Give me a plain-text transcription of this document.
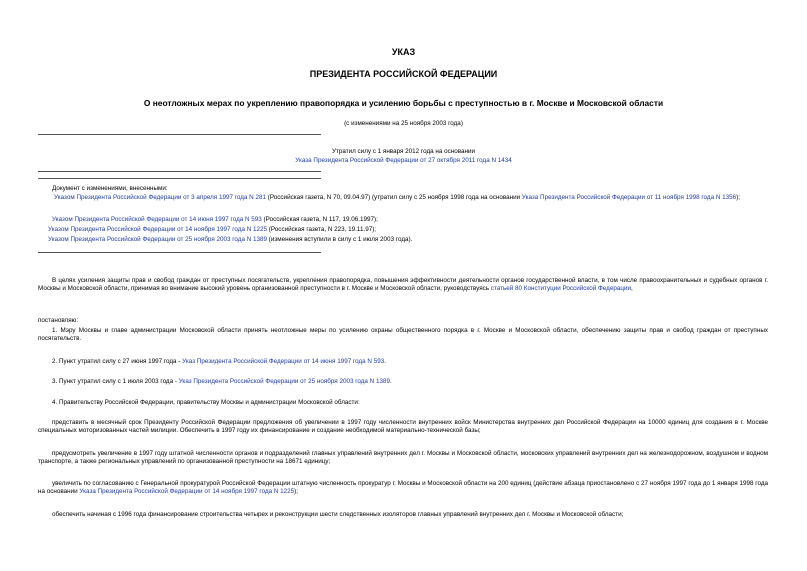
УКАЗ
ПРЕЗИДЕНТА РОССИЙСКОЙ ФЕДЕРАЦИИ
О неотложных мерах по укреплению правопорядка и усилению борьбы с преступностью в г. Москве и Московской области
(с изменениями на 25 ноября 2003 года)
Утратил силу с 1 января 2012 года на основании
Указа Президента Российской Федерации от 27 октября 2011 года N 1434
Документ с изменениями, внесенными:
Указом Президента Российской Федерации от 3 апреля 1997 года N 281 (Российская газета, N 70, 09.04.97) (утратил силу с 25 ноября 1998 года на основании Указа Президента Российской Федерации от 11 ноября 1998 года N 1356);
Указом Президента Российской Федерации от 14 июня 1997 года N 593 (Российская газета, N 117, 19.06.1997);
Указом Президента Российской Федерации от 14 ноября 1997 года N 1225 (Российская газета, N 223, 19.11.97);
Указом Президента Российской Федерации от 25 ноября 2003 года N 1389 (изменения вступили в силу с 1 июля 2003 года).
В целях усиления защиты прав и свобод граждан от преступных посягательств, укрепления правопорядка, повышения эффективности деятельности органов государственной власти, в том числе правоохранительных и судебных органов г. Москвы и Московской области, принимая во внимание высокий уровень организованной преступности в г. Москве и Московской области, руководствуясь статьей 80 Конституции Российской Федерации,
постановляю:
1. Мэру Москвы и главе администрации Московской области принять неотложные меры по усилению охраны общественного порядка в г. Москве и Московской области, обеспечению защиты прав и свобод граждан от преступных посягательств.
2. Пункт утратил силу с 27 июня 1997 года - Указ Президента Российской Федерации от 14 июня 1997 года N 593.
3. Пункт утратил силу с 1 июля 2003 года - Указ Президента Российской Федерации от 25 ноября 2003 года N 1389.
4. Правительству Российской Федерации, правительству Москвы и администрации Московской области:
представить в месячный срок Президенту Российской Федерации предложения об увеличении в 1997 году численности внутренних войск Министерства внутренних дел Российской Федерации на 10000 единиц для создания в г. Москве специальных моторизованных частей милиции. Обеспечить в 1997 году их финансирование и создание необходимой материально-технической базы;
предусмотреть увеличение в 1997 году штатной численности органов и подразделений главных управлений внутренних дел г. Москвы и Московской области, московских управлений внутренних дел на железнодорожном, воздушном и водном транспорте, а также региональных управлений по организованной преступности на 18671 единицу;
увеличить по согласованию с Генеральной прокуратурой Российской Федерации штатную численность прокуратур г. Москвы и Московской области на 200 единиц (действие абзаца приостановлено с 27 ноября 1997 года до 1 января 1998 года на основании Указа Президента Российской Федерации от 14 ноября 1997 года N 1225);
обеспечить начиная с 1996 года финансирование строительства четырех и реконструкции шести следственных изоляторов главных управлений внутренних дел г. Москвы и Московской области;
